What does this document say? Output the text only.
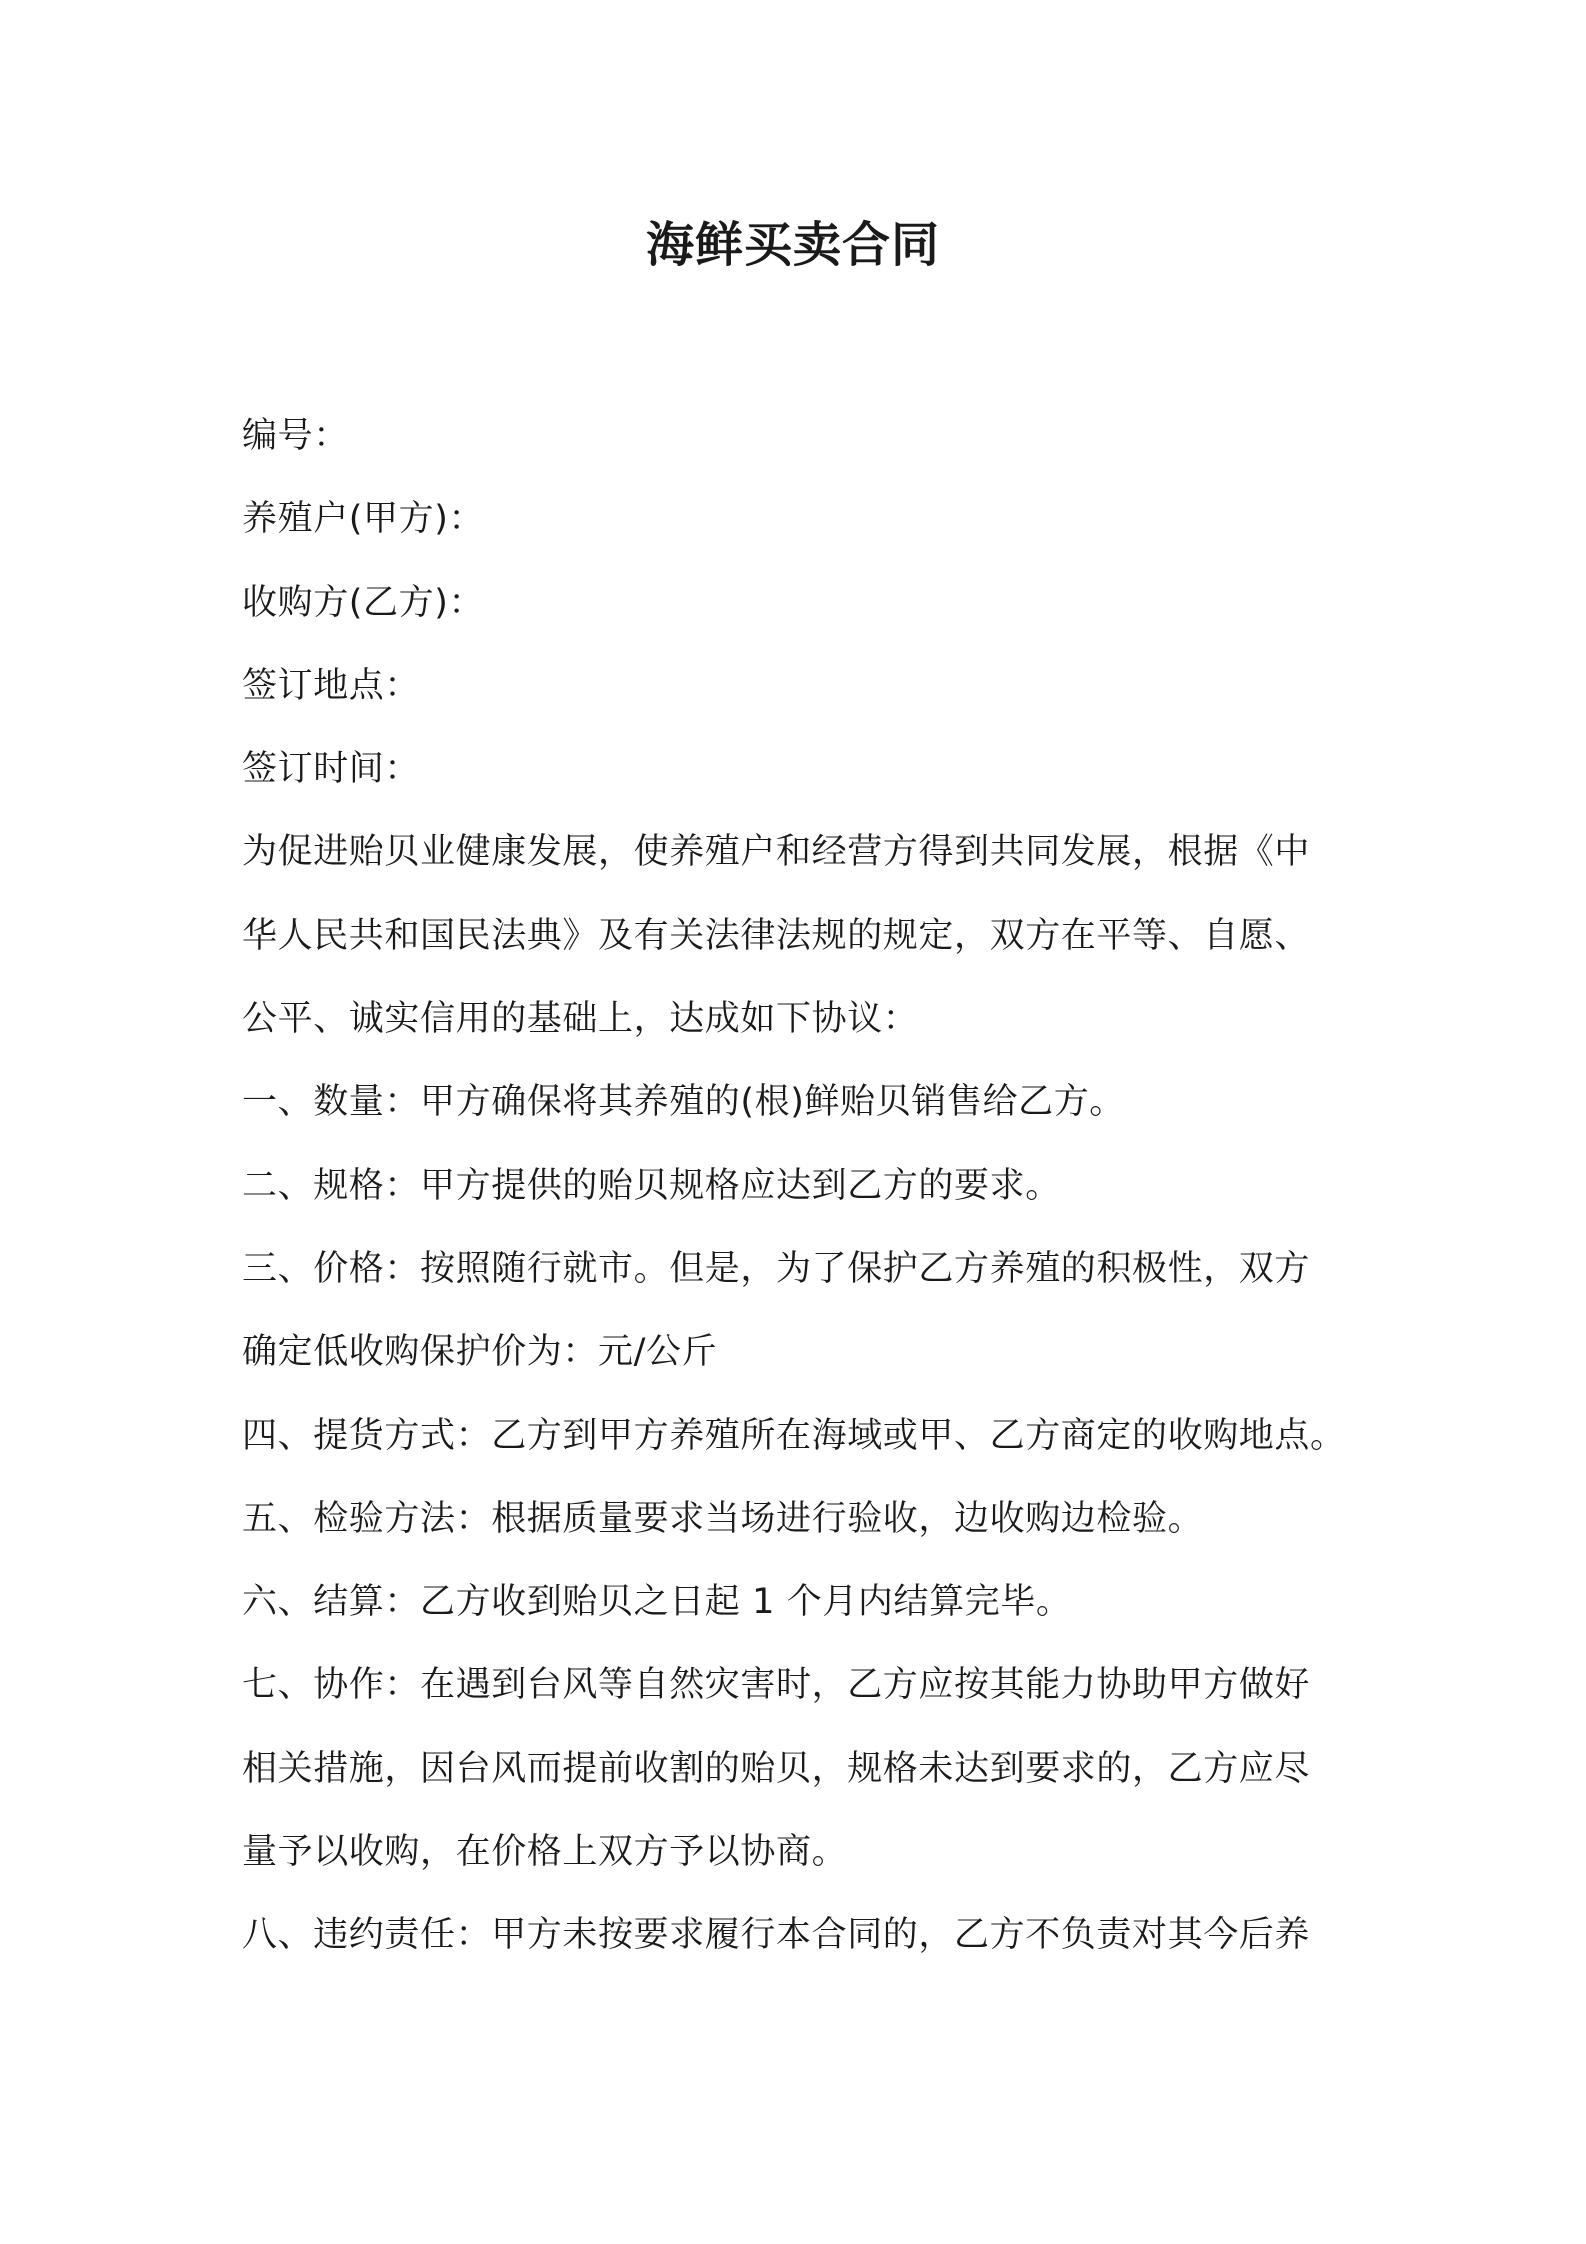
海鲜买卖合同
编号：
养殖户(甲方)：
收购方(乙方)：
签订地点：
签订时间：
为促进贻贝业健康发展，使养殖户和经营方得到共同发展，根据《中
华人民共和国民法典》及有关法律法规的规定，双方在平等、自愿、
公平、诚实信用的基础上，达成如下协议：
一、数量：甲方确保将其养殖的(根)鲜贻贝销售给乙方。
二、规格：甲方提供的贻贝规格应达到乙方的要求。
三、价格：按照随行就市。但是，为了保护乙方养殖的积极性，双方
确定低收购保护价为：元/公斤
四、提货方式：乙方到甲方养殖所在海域或甲、乙方商定的收购地点。
五、检验方法：根据质量要求当场进行验收，边收购边检验。
六、结算：乙方收到贻贝之日起 1 个月内结算完毕。
七、协作：在遇到台风等自然灾害时，乙方应按其能力协助甲方做好
相关措施，因台风而提前收割的贻贝，规格未达到要求的，乙方应尽
量予以收购，在价格上双方予以协商。
八、违约责任：甲方未按要求履行本合同的，乙方不负责对其今后养
